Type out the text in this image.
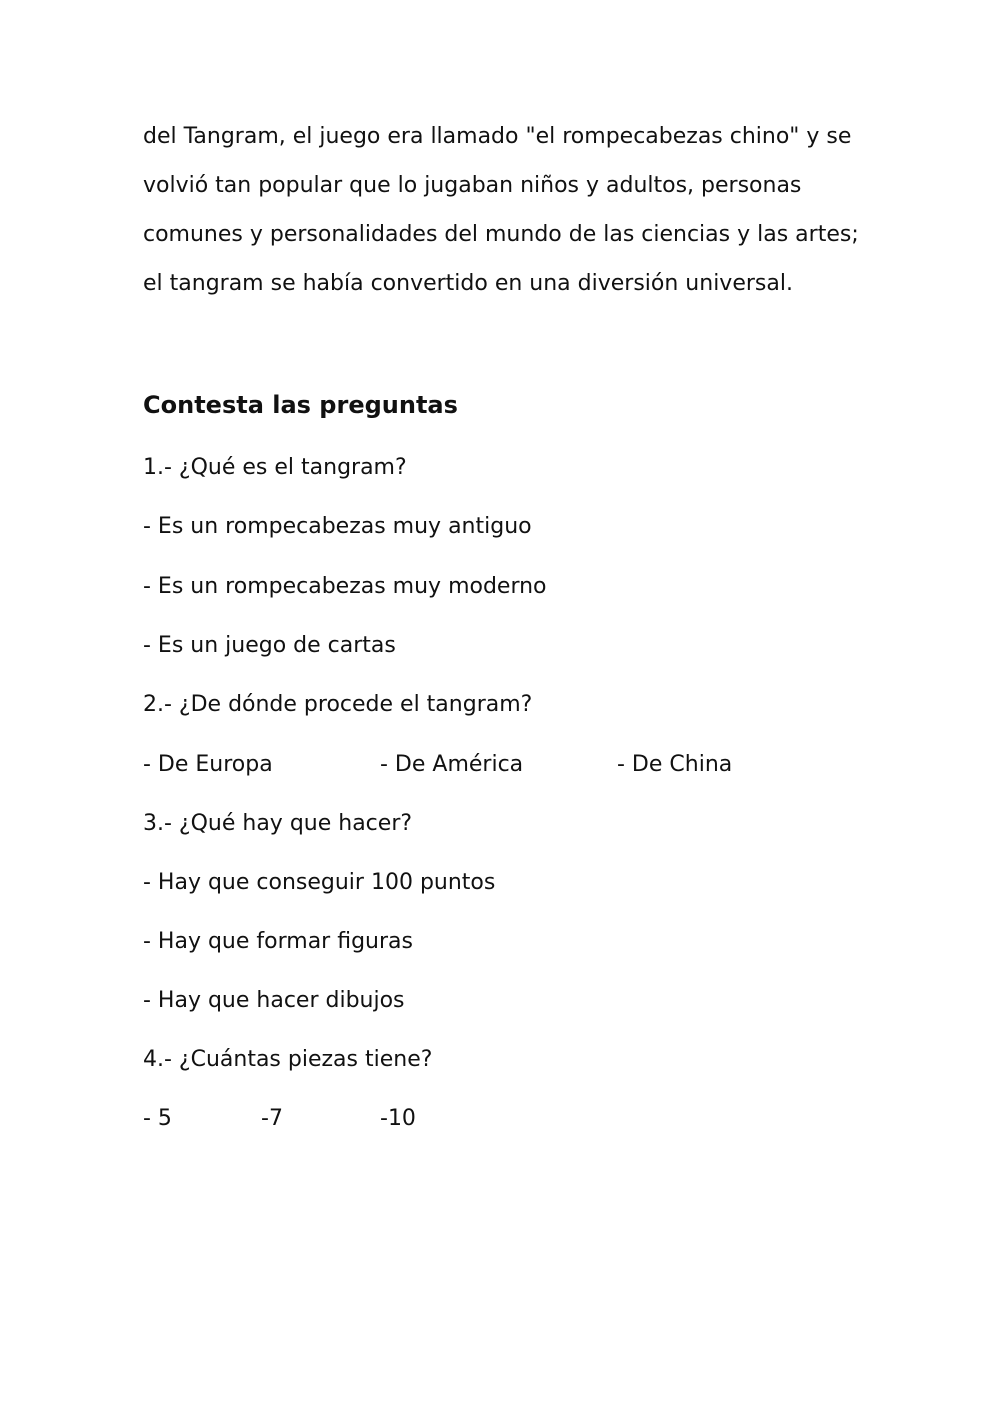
del Tangram, el juego era llamado "el rompecabezas chino" y se
volvió tan popular que lo jugaban niños y adultos, personas
comunes y personalidades del mundo de las ciencias y las artes;
el tangram se había convertido en una diversión universal.
Contesta las preguntas
1.- ¿Qué es el tangram?
- Es un rompecabezas muy antiguo
- Es un rompecabezas muy moderno
- Es un juego de cartas
2.- ¿De dónde procede el tangram?
- De Europa	- De América	- De China
3.- ¿Qué hay que hacer?
- Hay que conseguir 100 puntos
- Hay que formar figuras
- Hay que hacer dibujos
4.- ¿Cuántas piezas tiene?
- 5	-7	-10
